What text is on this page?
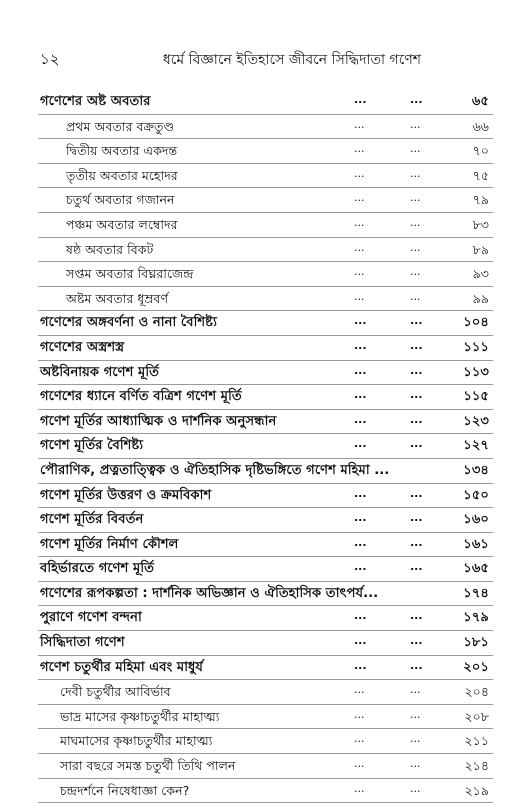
১২	ধর্মে বিজ্ঞানে ইতিহাসে জীবনে সিদ্ধিদাতা গণেশ
গণেশের অষ্ট অবতার	...	...	৬৫
প্রথম অবতার বক্রতুণ্ড	...	...	৬৬
দ্বিতীয় অবতার একদন্ত	...	...	৭০
তৃতীয় অবতার মহোদর	...	...	৭৫
চতুর্থ অবতার গজানন	...	...	৭৯
পঞ্চম অবতার লম্বোদর	...	...	৮৩
ষষ্ঠ অবতার বিকট	...	...	৮৯
সপ্তম অবতার বিঘ্নরাজেন্দ্র	...	...	৯৩
অষ্টম অবতার ধূম্রবর্ণ	...	...	৯৯
গণেশের অঙ্গবর্ণনা ও নানা বৈশিষ্ট্য	...	...	১০৪
গণেশের অস্ত্রশস্ত্র	...	...	১১১
অষ্টবিনায়ক গণেশ মূর্তি	...	...	১১৩
গণেশের ধ্যানে বর্ণিত বত্রিশ গণেশ মূর্তি	...	...	১১৫
গণেশ মূর্তির আধ্যাত্মিক ও দার্শনিক অনুসন্ধান	...	...	১২৩
গণেশ মূর্তির বৈশিষ্ট্য	...	...	১২৭
পৌরাণিক, প্রত্নতাত্ত্বিক ও ঐতিহাসিক দৃষ্টিভঙ্গিতে গণেশ মহিমা ...	১৩৪
গণেশ মূর্তির উত্তরণ ও ক্রমবিকাশ	...	...	১৫০
গণেশ মূর্তির বিবর্তন	...	...	১৬০
গণেশ মূর্তির নির্মাণ কৌশল	...	...	১৬১
বহির্ভারতে গণেশ মূর্তি	...	...	১৬৫
গণেশের রূপকল্পতা : দার্শনিক অভিজ্ঞান ও ঐতিহাসিক তাৎপর্য...	১৭৪
পুরাণে গণেশ বন্দনা	...	...	১৭৯
সিদ্ধিদাতা গণেশ	...	...	১৮১
গণেশ চতুর্থীর মহিমা এবং মাধুর্য	...	...	২০১
দেবী চতুর্থীর আবির্ভাব	...	...	২০৪
ভাদ্র মাসের কৃষ্ণাচতুর্থীর মাহাত্ম্য	...	...	২০৮
মাঘমাসের কৃষ্ণাচতুর্থীর মাহাত্ম্য	...	...	২১১
সারা বছরে সমস্ত চতুর্থী তিথি পালন	...	...	২১৪
চন্দ্রদর্শনে নিষেধাজ্ঞা কেন?	...	...	২১৯
